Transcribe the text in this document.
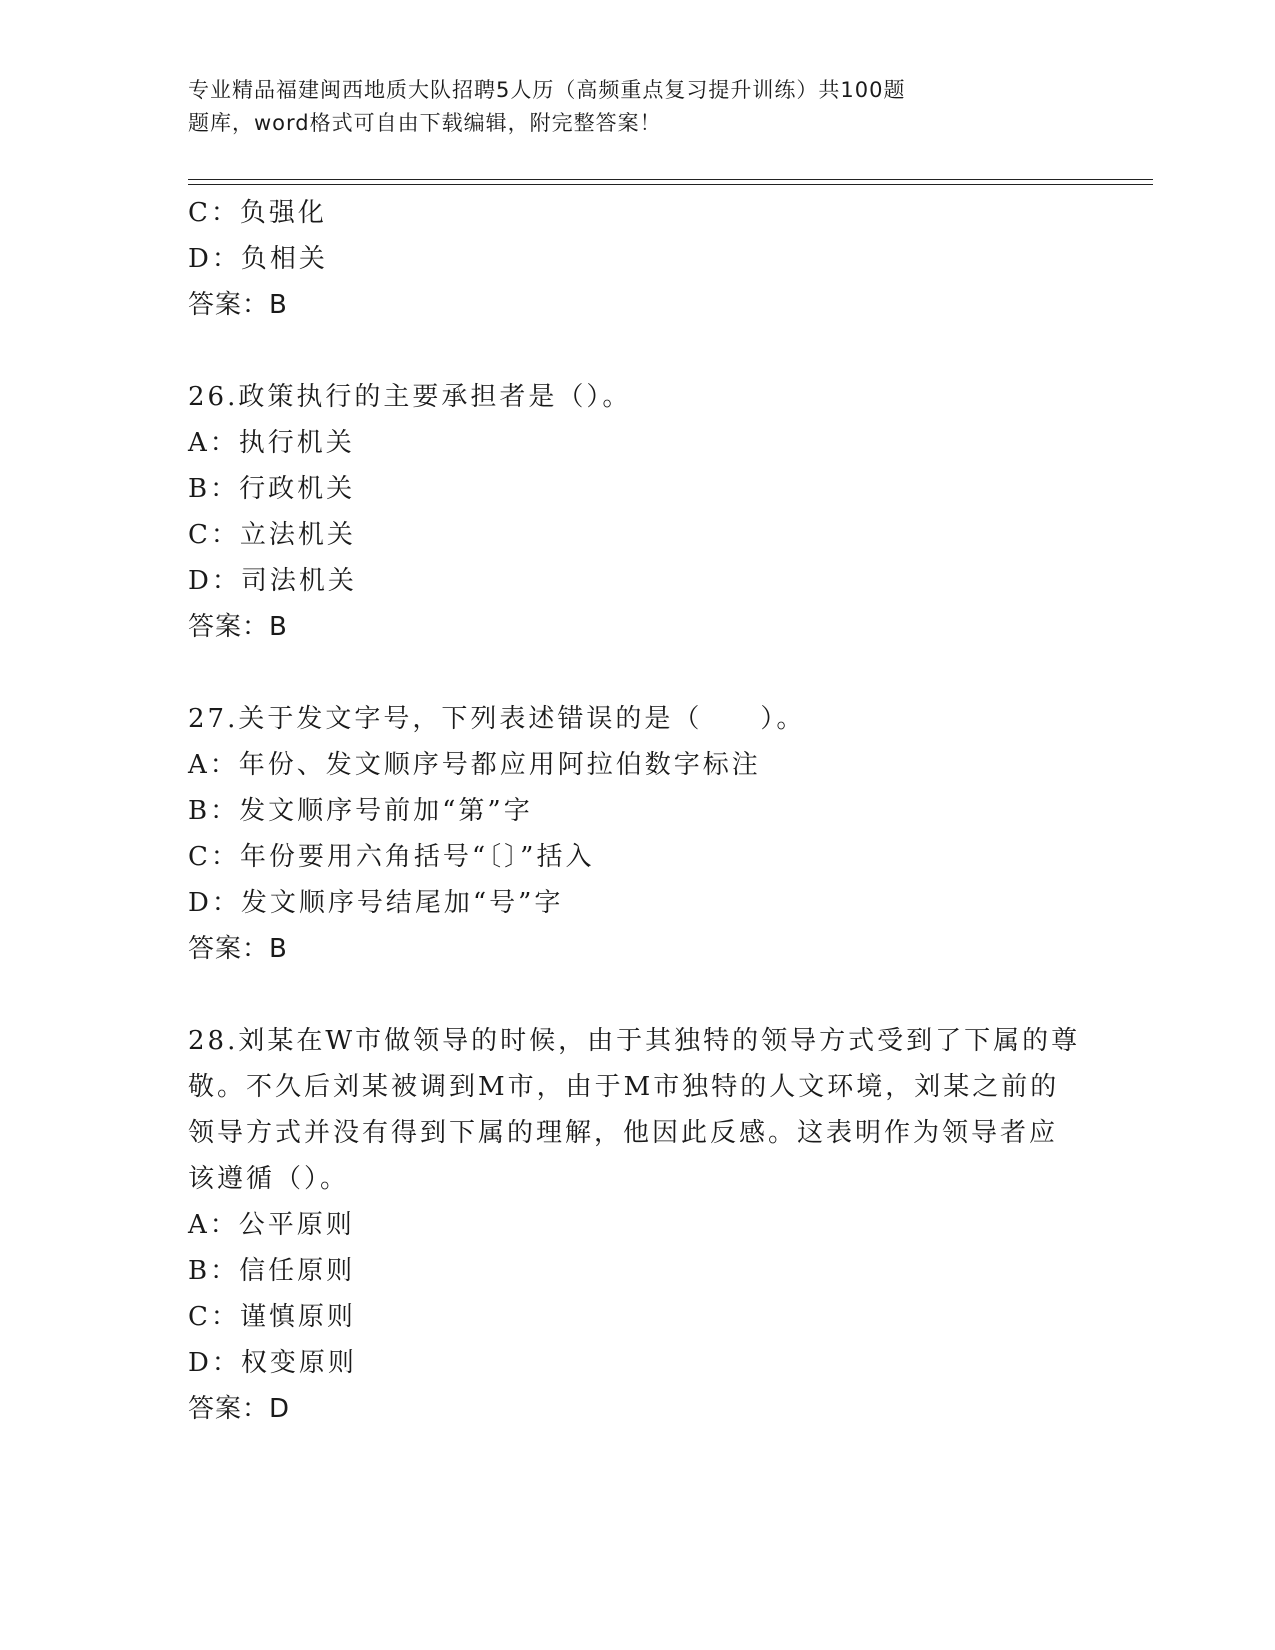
专业精品福建闽西地质大队招聘5人历（高频重点复习提升训练）共100题
题库，word格式可自由下载编辑，附完整答案！
C：负强化
D：负相关
答案：B
26.政策执行的主要承担者是（）。
A：执行机关
B：行政机关
C：立法机关
D：司法机关
答案：B
27.关于发文字号，下列表述错误的是（　　）。
A：年份、发文顺序号都应用阿拉伯数字标注
B：发文顺序号前加“第”字
C：年份要用六角括号“〔〕”括入
D：发文顺序号结尾加“号”字
答案：B
28.刘某在W市做领导的时候，由于其独特的领导方式受到了下属的尊
敬。不久后刘某被调到M市，由于M市独特的人文环境，刘某之前的
领导方式并没有得到下属的理解，他因此反感。这表明作为领导者应
该遵循（）。
A：公平原则
B：信任原则
C：谨慎原则
D：权变原则
答案：D
